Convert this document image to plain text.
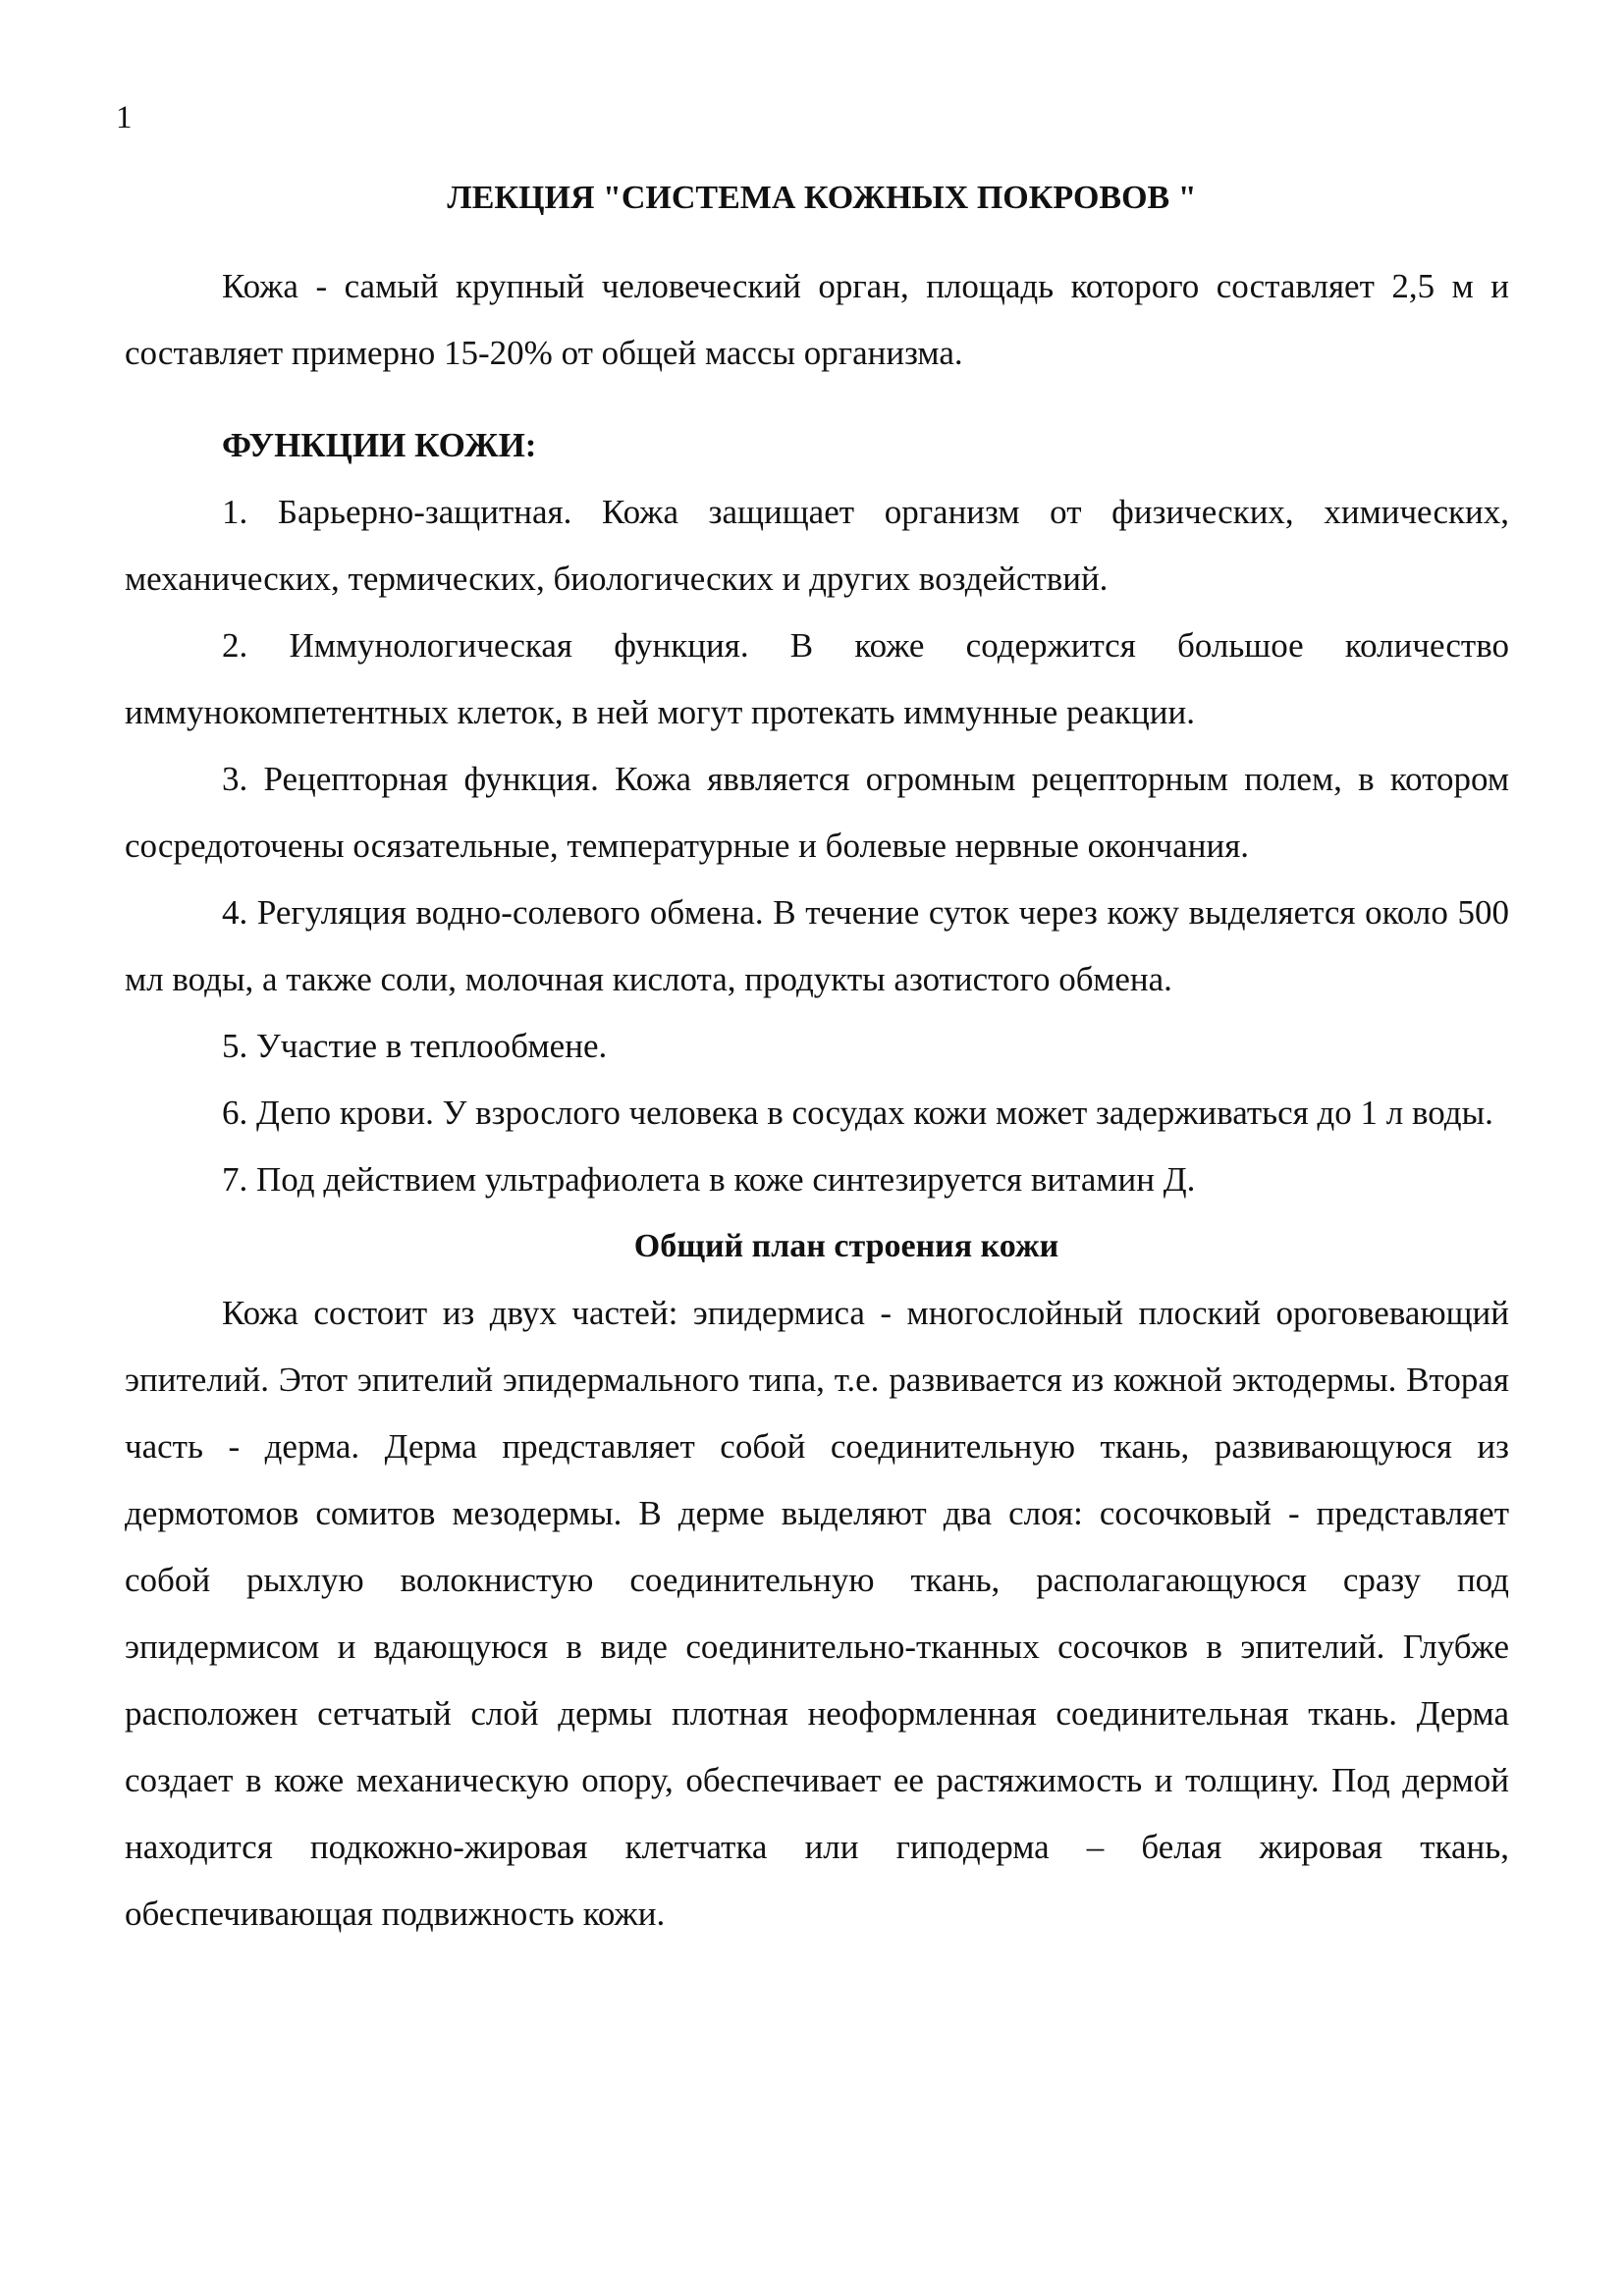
1
ЛЕКЦИЯ "СИСТЕМА КОЖНЫХ ПОКРОВОВ "

Кожа - самый крупный человеческий орган, площадь которого составляет 2,5 м и составляет примерно 15-20% от общей массы организма.

ФУНКЦИИ КОЖИ:

1. Барьерно-защитная. Кожа защищает организм от физических, химических, механических, термических, биологических и других воздействий.

2. Иммунологическая функция. В коже содержится большое количество иммунокомпетентных клеток, в ней могут протекать иммунные реакции.

3. Рецепторная функция. Кожа яввляется огромным рецепторным полем, в котором сосредоточены осязательные, температурные и болевые нервные окончания.

4. Регуляция водно-солевого обмена. В течение суток через кожу выделяется около 500 мл воды, а также соли, молочная кислота, продукты азотистого обмена.

5. Участие в теплообмене.

6. Депо крови. У взрослого человека в сосудах кожи может задерживаться до 1 л воды.

7. Под действием ультрафиолета в коже синтезируется витамин Д.

Общий план строения кожи

Кожа состоит из двух частей: эпидермиса - многослойный плоский ороговевающий эпителий. Этот эпителий эпидермального типа, т.е. развивается из кожной эктодермы. Вторая часть - дерма. Дерма представляет собой соединительную ткань, развивающуюся из дермотомов сомитов мезодермы. В дерме выделяют два слоя: сосочковый - представляет собой рыхлую волокнистую соединительную ткань, располагающуюся сразу под эпидермисом и вдающуюся в виде соединительно-тканных сосочков в эпителий. Глубже расположен сетчатый слой дермы плотная неоформленная соединительная ткань. Дерма создает в коже механическую опору, обеспечивает ее растяжимость и толщину. Под дермой находится подкожно-жировая клетчатка или гиподерма – белая жировая ткань, обеспечивающая подвижность кожи.
